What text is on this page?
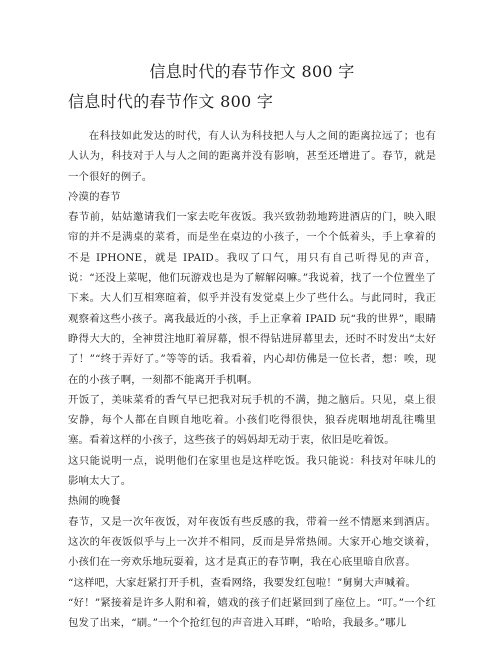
信息时代的春节作文 800 字
信息时代的春节作文 800 字

在科技如此发达的时代，有人认为科技把人与人之间的距离拉远了；也有人认为，科技对于人与人之间的距离并没有影响，甚至还增进了。春节，就是一个很好的例子。

冷漠的春节

春节前，姑姑邀请我们一家去吃年夜饭。我兴致勃勃地跨进酒店的门，映入眼帘的并不是满桌的菜肴，而是坐在桌边的小孩子，一个个低着头，手上拿着的不是 IPHONE，就是 IPAID。我叹了口气，用只有自己听得见的声音，说：“还没上菜呢，他们玩游戏也是为了解解闷嘛。”我说着，找了一个位置坐了下来。大人们互相寒暄着，似乎并没有发觉桌上少了些什么。与此同时，我正观察着这些小孩子。离我最近的小孩，手上正拿着 IPAID 玩“我的世界”，眼睛睁得大大的，全神贯注地盯着屏幕，恨不得钻进屏幕里去，还时不时发出“太好了！”“终于弄好了。”等等的话。我看着，内心却仿佛是一位长者，想：唉，现在的小孩子啊，一刻都不能离开手机啊。

开饭了，美味菜肴的香气早已把我对玩手机的不满，抛之脑后。只见，桌上很安静，每个人都在自顾自地吃着。小孩们吃得很快，狼吞虎咽地胡乱往嘴里塞。看着这样的小孩子，这些孩子的妈妈却无动于衷，依旧是吃着饭。

这只能说明一点，说明他们在家里也是这样吃饭。我只能说：科技对年味儿的影响太大了。

热闹的晚餐

春节，又是一次年夜饭，对年夜饭有些反感的我，带着一丝不情愿来到酒店。这次的年夜饭似乎与上一次并不相同，反而是异常热闹。大家开心地交谈着，小孩们在一旁欢乐地玩耍着，这才是真正的春节啊，我在心底里暗自欣喜。

“这样吧，大家赶紧打开手机，查看网络，我要发红包啦！”舅舅大声喊着。

“好！”紧接着是许多人附和着，嬉戏的孩子们赶紧回到了座位上。“叮。”一个红包发了出来，“刷。”一个个抢红包的声音进入耳畔，“哈哈，我最多。”哪儿
